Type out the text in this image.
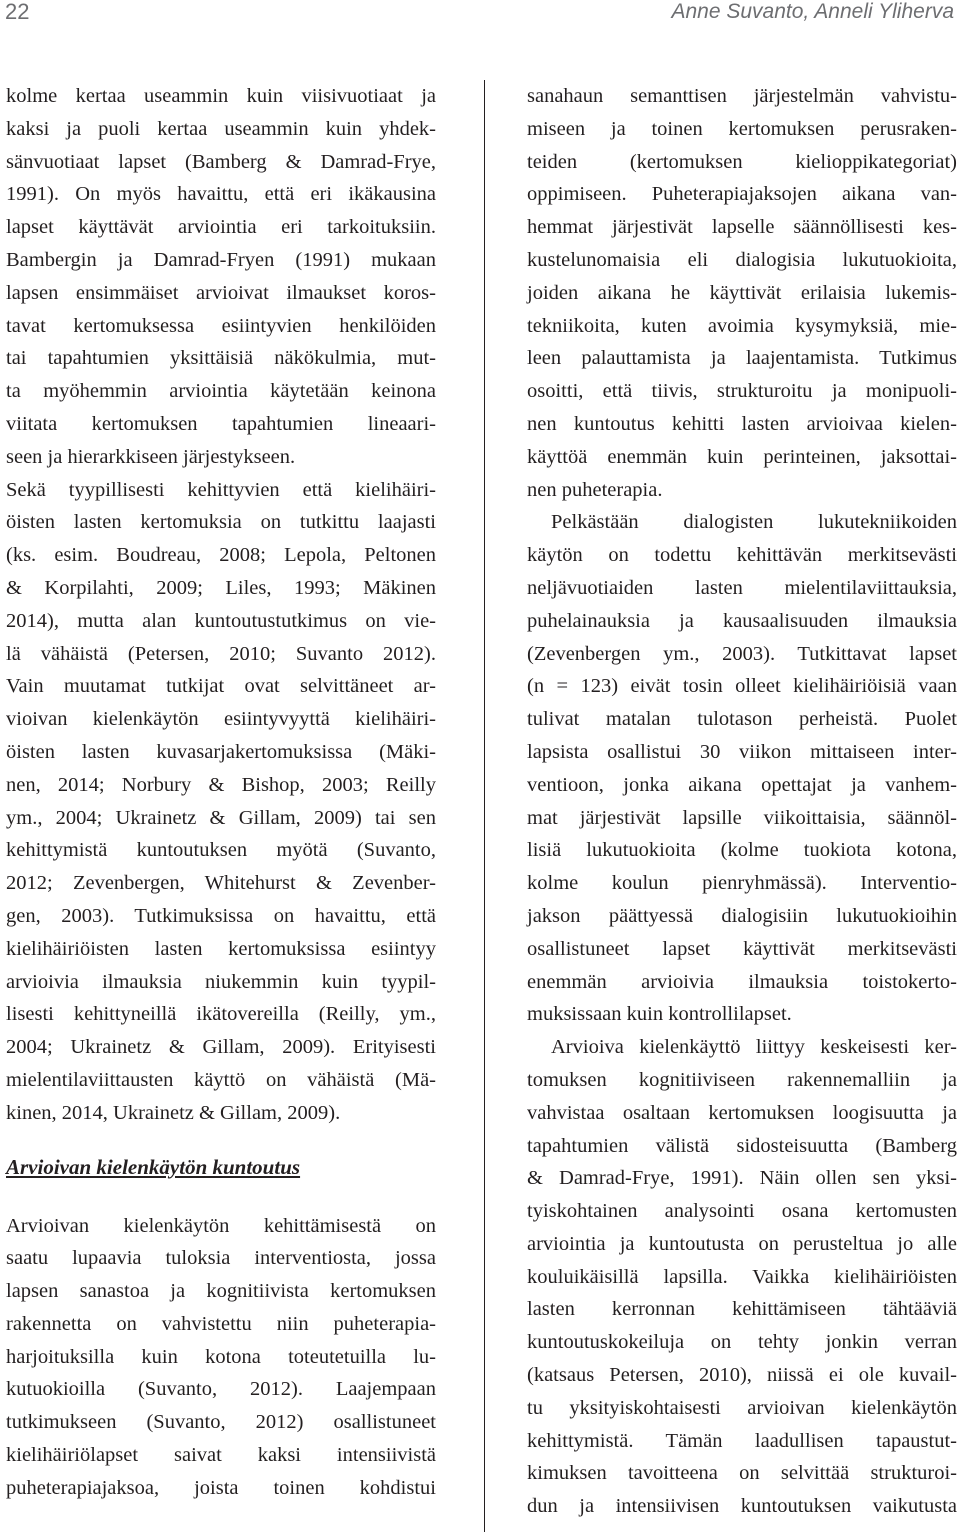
22	Anne Suvanto, Anneli Yliherva
kolme kertaa useammin kuin viisivuotiaat ja
kaksi ja puoli kertaa useammin kuin yhdek-
sänvuotiaat lapset (Bamberg & Damrad-Frye,
1991). On myös havaittu, että eri ikäkausina
lapset käyttävät arviointia eri tarkoituksiin.
Bambergin ja Damrad-Fryen (1991) mukaan
lapsen ensimmäiset arvioivat ilmaukset koros-
tavat kertomuksessa esiintyvien henkilöiden
tai tapahtumien yksittäisiä näkökulmia, mut-
ta myöhemmin arviointia käytetään keinona
viitata kertomuksen tapahtumien lineaari-
seen ja hierarkkiseen järjestykseen.
Sekä tyypillisesti kehittyvien että kielihäiri-
öisten lasten kertomuksia on tutkittu laajasti
(ks. esim. Boudreau, 2008; Lepola, Peltonen
& Korpilahti, 2009; Liles, 1993; Mäkinen
2014), mutta alan kuntoutustutkimus on vie-
lä vähäistä (Petersen, 2010; Suvanto 2012).
Vain muutamat tutkijat ovat selvittäneet ar-
vioivan kielenkäytön esiintyvyyttä kielihäiri-
öisten lasten kuvasarjakertomuksissa (Mäki-
nen, 2014; Norbury & Bishop, 2003; Reilly
ym., 2004; Ukrainetz & Gillam, 2009) tai sen
kehittymistä kuntoutuksen myötä (Suvanto,
2012; Zevenbergen, Whitehurst & Zevenber-
gen, 2003). Tutkimuksissa on havaittu, että
kielihäiriöisten lasten kertomuksissa esiintyy
arvioivia ilmauksia niukemmin kuin tyypil-
lisesti kehittyneillä ikätovereilla (Reilly, ym.,
2004; Ukrainetz & Gillam, 2009). Erityisesti
mielentilaviittausten käyttö on vähäistä (Mä-
kinen, 2014, Ukrainetz & Gillam, 2009).
Arvioivan kielenkäytön kuntoutus
Arvioivan kielenkäytön kehittämisestä on
saatu lupaavia tuloksia interventiosta, jossa
lapsen sanastoa ja kognitiivista kertomuksen
rakennetta on vahvistettu niin puheterapia-
harjoituksilla kuin kotona toteutetuilla lu-
kutuokioilla (Suvanto, 2012). Laajempaan
tutkimukseen (Suvanto, 2012) osallistuneet
kielihäiriölapset saivat kaksi intensiivistä
puheterapiajaksoa, joista toinen kohdistui
sanahaun semanttisen järjestelmän vahvistu-
miseen ja toinen kertomuksen perusraken-
teiden (kertomuksen kielioppikategoriat)
oppimiseen. Puheterapiajaksojen aikana van-
hemmat järjestivät lapselle säännöllisesti kes-
kustelunomaisia eli dialogisia lukutuokioita,
joiden aikana he käyttivät erilaisia lukemis-
tekniikoita, kuten avoimia kysymyksiä, mie-
leen palauttamista ja laajentamista. Tutkimus
osoitti, että tiivis, strukturoitu ja monipuoli-
nen kuntoutus kehitti lasten arvioivaa kielen-
käyttöä enemmän kuin perinteinen, jaksottai-
nen puheterapia.
Pelkästään dialogisten lukutekniikoiden
käytön on todettu kehittävän merkitsevästi
neljävuotiaiden lasten mielentilaviittauksia,
puhelainauksia ja kausaalisuuden ilmauksia
(Zevenbergen ym., 2003). Tutkittavat lapset
(n = 123) eivät tosin olleet kielihäiriöisiä vaan
tulivat matalan tulotason perheistä. Puolet
lapsista osallistui 30 viikon mittaiseen inter-
ventioon, jonka aikana opettajat ja vanhem-
mat järjestivät lapsille viikoittaisia, säännöl-
lisiä lukutuokioita (kolme tuokiota kotona,
kolme koulun pienryhmässä). Interventio-
jakson päättyessä dialogisiin lukutuokioihin
osallistuneet lapset käyttivät merkitsevästi
enemmän arvioivia ilmauksia toistokerto-
muksissaan kuin kontrollilapset.
Arvioiva kielenkäyttö liittyy keskeisesti ker-
tomuksen kognitiiviseen rakennemalliin ja
vahvistaa osaltaan kertomuksen loogisuutta ja
tapahtumien välistä sidosteisuutta (Bamberg
& Damrad-Frye, 1991). Näin ollen sen yksi-
tyiskohtainen analysointi osana kertomusten
arviointia ja kuntoutusta on perusteltua jo alle
kouluikäisillä lapsilla. Vaikka kielihäiriöisten
lasten kerronnan kehittämiseen tähtääviä
kuntoutuskokeiluja on tehty jonkin verran
(katsaus Petersen, 2010), niissä ei ole kuvail-
tu yksityiskohtaisesti arvioivan kielenkäytön
kehittymistä. Tämän laadullisen tapaustut-
kimuksen tavoitteena on selvittää strukturoi-
dun ja intensiivisen kuntoutuksen vaikutusta
